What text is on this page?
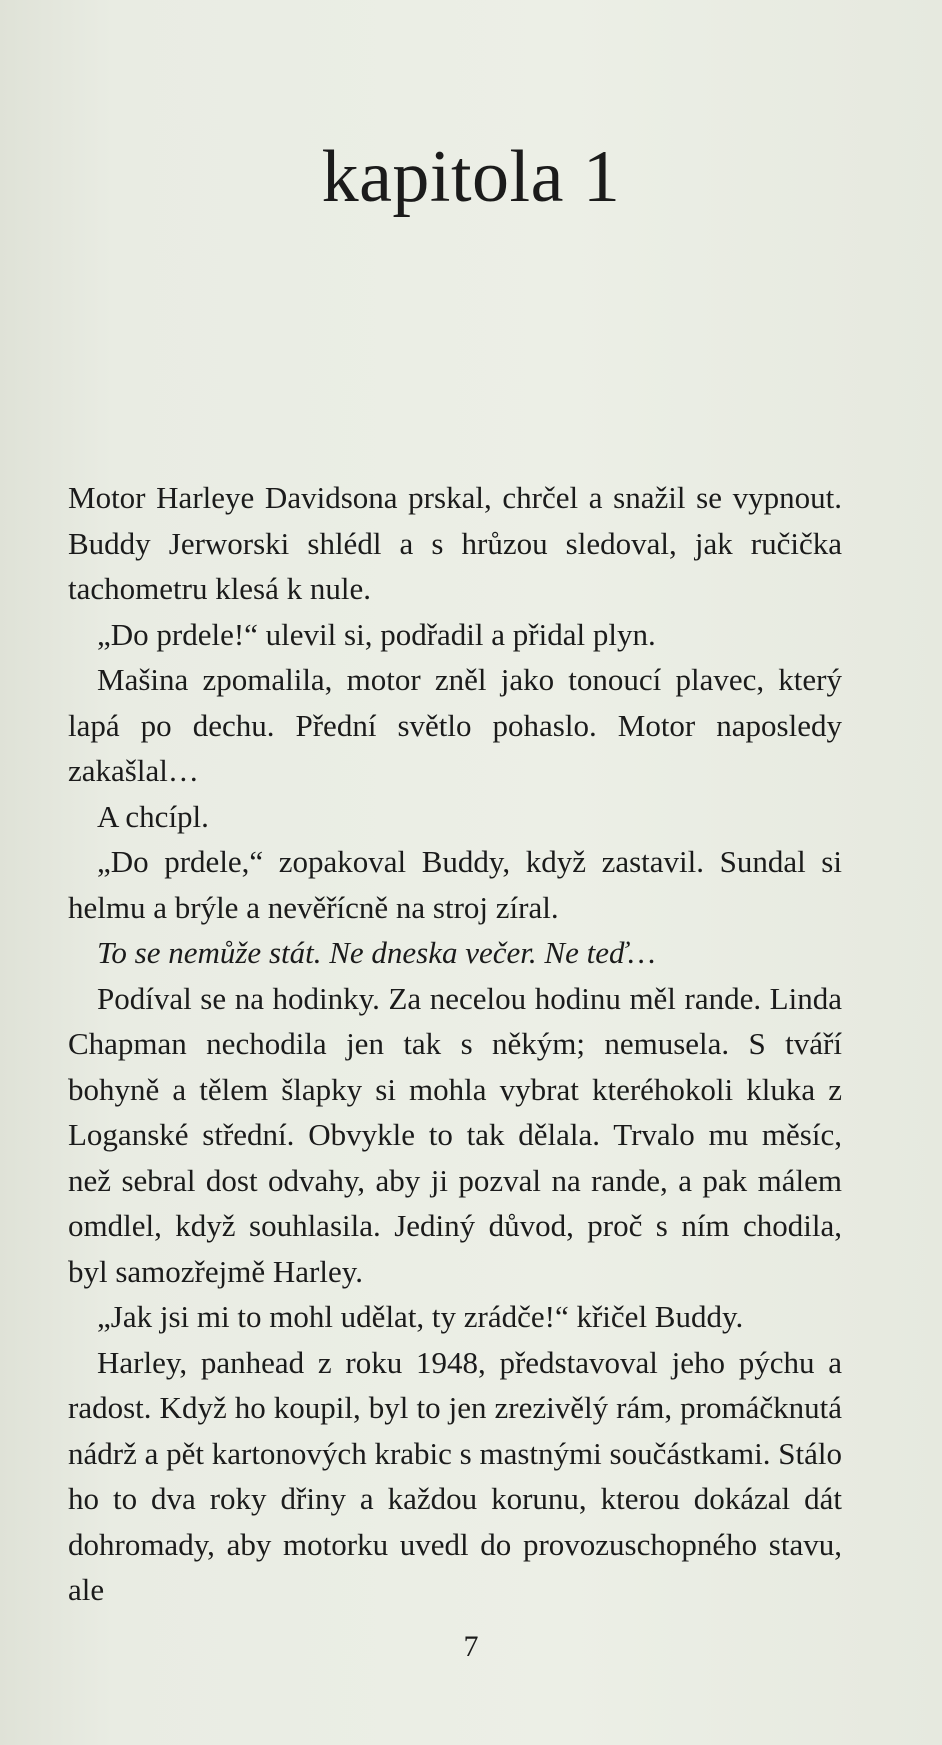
kapitola 1

Motor Harleye Davidsona prskal, chrčel a snažil se vypnout. Buddy Jerworski shlédl a s hrůzou sledoval, jak ručička tachometru klesá k nule.

„Do prdele!“ ulevil si, podřadil a přidal plyn.

Mašina zpomalila, motor zněl jako tonoucí plavec, který lapá po dechu. Přední světlo pohaslo. Motor naposledy zakašlal…

A chcípl.

„Do prdele,“ zopakoval Buddy, když zastavil. Sundal si helmu a brýle a nevěřícně na stroj zíral.

To se nemůže stát. Ne dneska večer. Ne teď…

Podíval se na hodinky. Za necelou hodinu měl rande. Linda Chapman nechodila jen tak s někým; nemusela. S tváří bohyně a tělem šlapky si mohla vybrat kteréhokoli kluka z Loganské střední. Obvykle to tak dělala. Trvalo mu měsíc, než sebral dost odvahy, aby ji pozval na rande, a pak málem omdlel, když souhlasila. Jediný důvod, proč s ním chodila, byl samozřejmě Harley.

„Jak jsi mi to mohl udělat, ty zrádče!“ křičel Buddy.

Harley, panhead z roku 1948, představoval jeho pýchu a radost. Když ho koupil, byl to jen zrezivělý rám, promáčknutá nádrž a pět kartonových krabic s mastnými součástkami. Stálo ho to dva roky dřiny a každou korunu, kterou dokázal dát dohromady, aby motorku uvedl do provozuschopného stavu, ale

7
